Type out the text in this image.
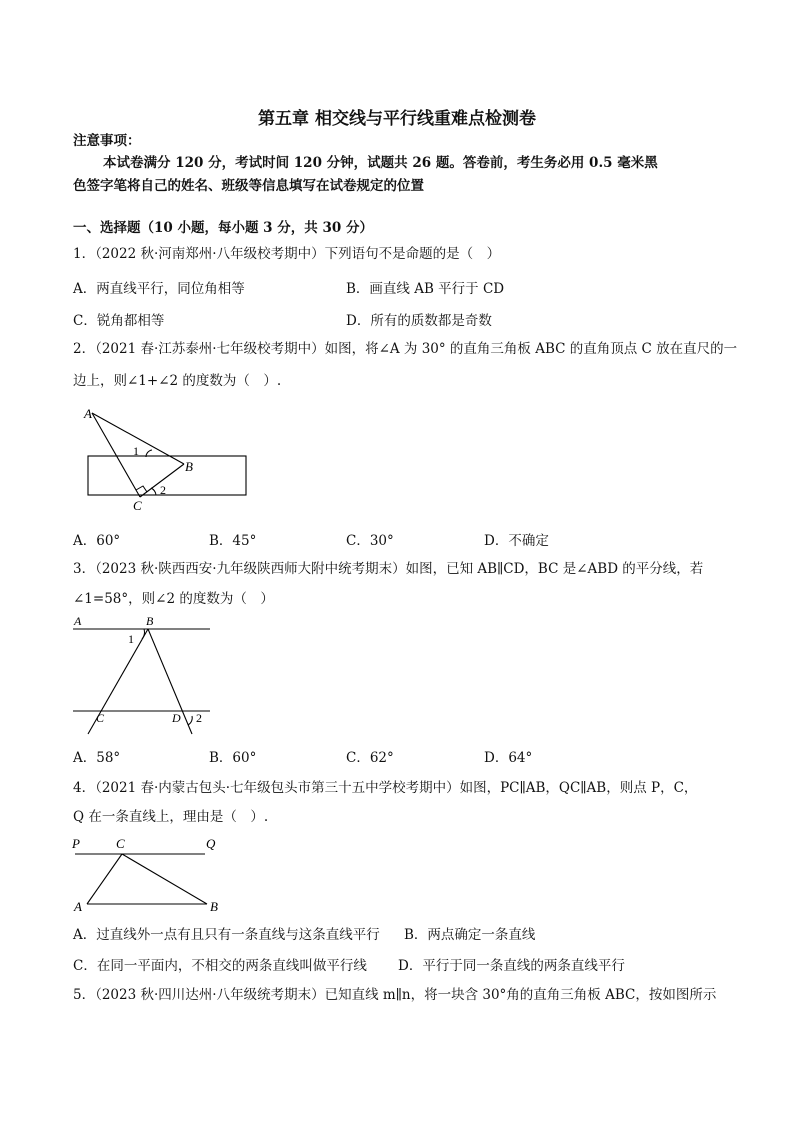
第五章 相交线与平行线重难点检测卷
注意事项：
本试卷满分 120 分，考试时间 120 分钟，试题共 26 题。答卷前，考生务必用 0.5 毫米黑
色签字笔将自己的姓名、班级等信息填写在试卷规定的位置
一、选择题（10 小题，每小题 3 分，共 30 分）
1．（2022 秋·河南郑州·八年级校考期中）下列语句不是命题的是（　）
A．两直线平行，同位角相等	B．画直线 AB 平行于 CD
C．锐角都相等	D．所有的质数都是奇数
2．（2021 春·江苏泰州·七年级校考期中）如图，将∠A 为 30° 的直角三角板 ABC 的直角顶点 C 放在直尺的一
边上，则∠1+∠2 的度数为（　）.
A
B
C
1
2
A．60°	B．45°	C．30°	D．不确定
3．（2023 秋·陕西西安·九年级陕西师大附中统考期末）如图，已知 AB∥CD，BC 是∠ABD 的平分线，若
∠1=58°，则∠2 的度数为（　）
A	B
1
C	D 2
A．58°	B．60°	C．62°	D．64°
4．（2021 春·内蒙古包头·七年级包头市第三十五中学校考期中）如图，PC∥AB，QC∥AB，则点 P，C，
Q 在一条直线上，理由是（　）.
P	C	Q
A	B
A．过直线外一点有且只有一条直线与这条直线平行 B．两点确定一条直线
C．在同一平面内，不相交的两条直线叫做平行线 D．平行于同一条直线的两条直线平行
5．（2023 秋·四川达州·八年级统考期末）已知直线 m∥n，将一块含 30°角的直角三角板 ABC，按如图所示
